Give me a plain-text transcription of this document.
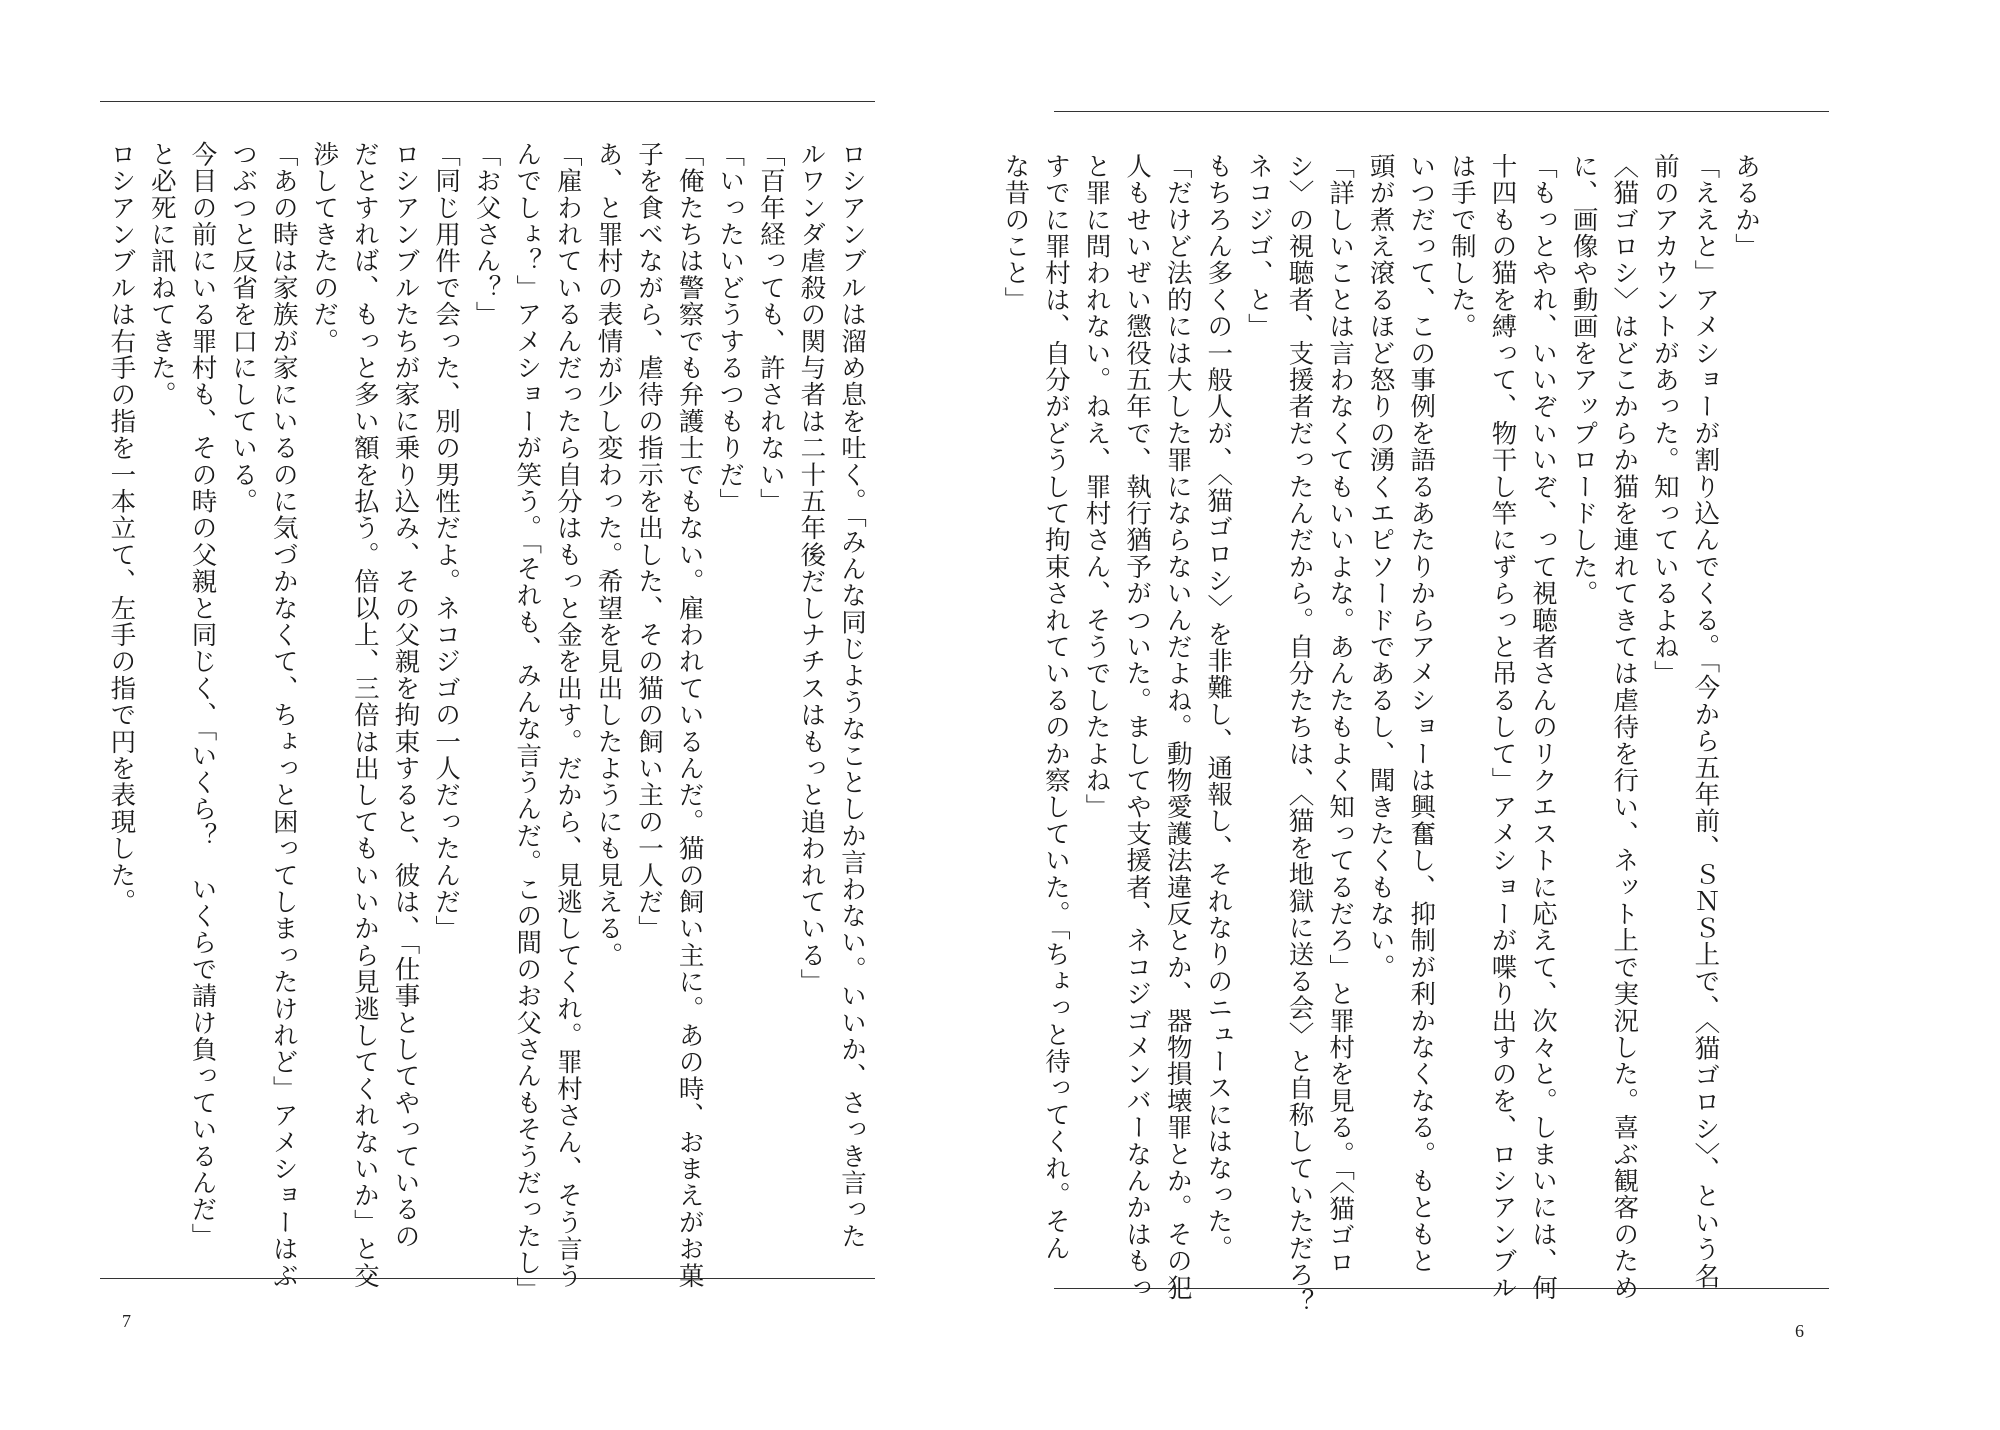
ロシアンブルは溜め息を吐く。「みんな同じようなことしか言わない。いいか、さっき言った
ルワンダ虐殺の関与者は二十五年後だしナチスはもっと追われている」
「百年経っても、許されない」
「いったいどうするつもりだ」
「俺たちは警察でも弁護士でもない。雇われているんだ。猫の飼い主に。あの時、おまえがお菓
子を食べながら、虐待の指示を出した、その猫の飼い主の一人だ」
あ、と罪村の表情が少し変わった。希望を見出したようにも見える。
「雇われているんだったら自分はもっと金を出す。だから、見逃してくれ。罪村さん、そう言う
んでしょ？」アメショーが笑う。「それも、みんな言うんだ。この間のお父さんもそうだったし」
「お父さん？」
「同じ用件で会った、別の男性だよ。ネコジゴの一人だったんだ」
ロシアンブルたちが家に乗り込み、その父親を拘束すると、彼は、「仕事としてやっているの
だとすれば、もっと多い額を払う。倍以上、三倍は出してもいいから見逃してくれないか」と交
渉してきたのだ。
「あの時は家族が家にいるのに気づかなくて、ちょっと困ってしまったけれど」アメショーはぶ
つぶつと反省を口にしている。
今目の前にいる罪村も、その時の父親と同じく、「いくら？　いくらで請け負っているんだ」
と必死に訊ねてきた。
ロシアンブルは右手の指を一本立て、左手の指で円を表現した。
7
あるか」
「ええと」アメショーが割り込んでくる。「今から五年前、ＳＮＳ上で、〈猫ゴロシ〉、という名
前のアカウントがあった。知っているよね」
〈猫ゴロシ〉はどこからか猫を連れてきては虐待を行い、ネット上で実況した。喜ぶ観客のため
に、画像や動画をアップロードした。
「もっとやれ、いいぞいいぞ、って視聴者さんのリクエストに応えて、次々と。しまいには、何
十四もの猫を縛って、物干し竿にずらっと吊るして」アメショーが喋り出すのを、ロシアンブル
は手で制した。
いつだって、この事例を語るあたりからアメショーは興奮し、抑制が利かなくなる。もともと
頭が煮え滾るほど怒りの湧くエピソードであるし、聞きたくもない。
「詳しいことは言わなくてもいいよな。あんたもよく知ってるだろ」と罪村を見る。「〈猫ゴロ
シ〉の視聴者、支援者だったんだから。自分たちは、〈猫を地獄に送る会〉と自称していただろ？
ネコジゴ、と」
もちろん多くの一般人が、〈猫ゴロシ〉を非難し、通報し、それなりのニュースにはなった。
「だけど法的には大した罪にならないんだよね。動物愛護法違反とか、器物損壊罪とか。その犯
人もせいぜい懲役五年で、執行猶予がついた。ましてや支援者、ネコジゴメンバーなんかはもっ
と罪に問われない。ねえ、罪村さん、そうでしたよね」
すでに罪村は、自分がどうして拘束されているのか察していた。「ちょっと待ってくれ。そん
な昔のこと」
6
